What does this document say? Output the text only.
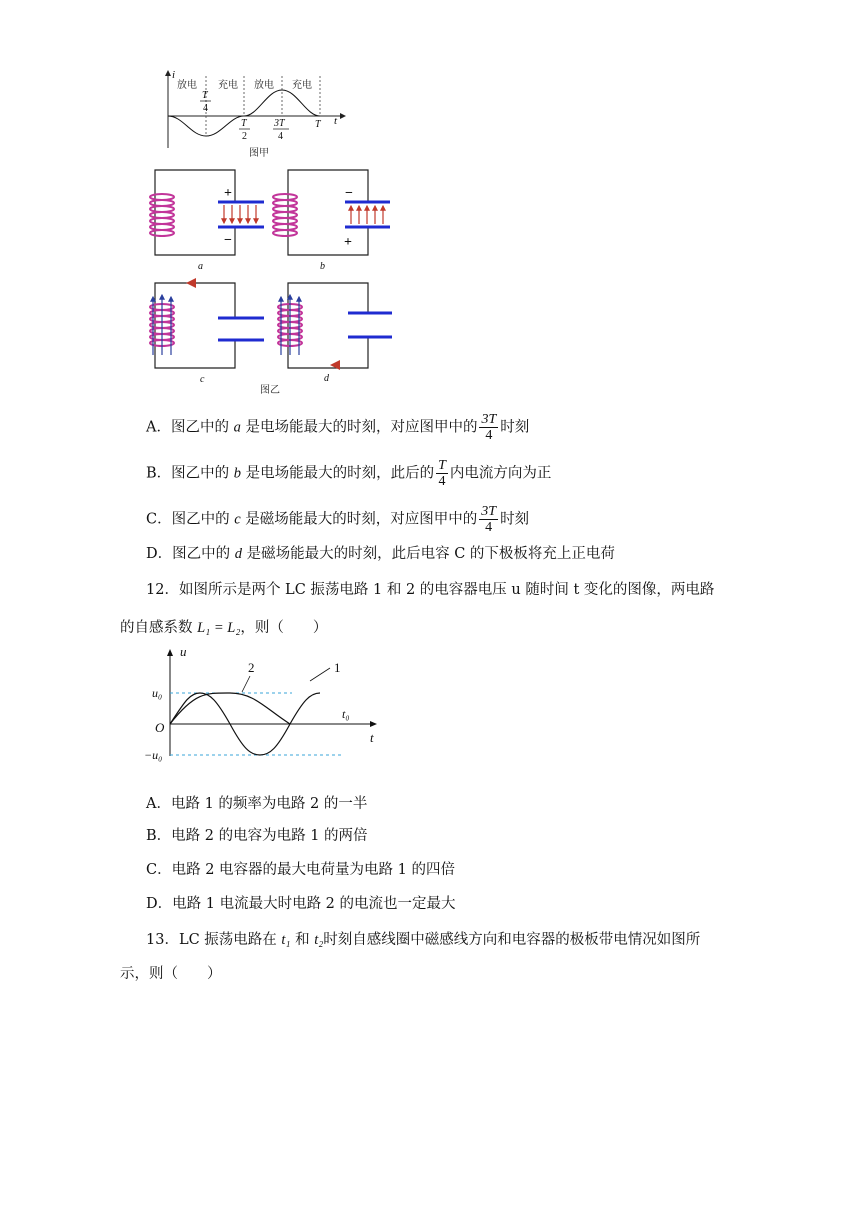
i
t
放电 充电 放电 充电
T
4
T
2
3T
4
T
图甲
+
−
a
−
+
b
c	d
图乙
A．图乙中的 a 是电场能最大的时刻，对应图甲中的 $\frac{3T}{4}$ 时刻
B．图乙中的 b 是电场能最大的时刻，此后的 $\frac{T}{4}$ 内电流方向为正
C．图乙中的 c 是磁场能最大的时刻，对应图甲中的 $\frac{3T}{4}$ 时刻
D．图乙中的 d 是磁场能最大的时刻，此后电容 C 的下极板将充上正电荷
12．如图所示是两个 LC 振荡电路 1 和 2 的电容器电压 u 随时间 t 变化的图像，两电路
的自感系数 L₁ = L₂，则（　　）
u
t
O
u₀
−u₀
t₀
1
2
A．电路 1 的频率为电路 2 的一半
B．电路 2 的电容为电路 1 的两倍
C．电路 2 电容器的最大电荷量为电路 1 的四倍
D．电路 1 电流最大时电路 2 的电流也一定最大
13．LC 振荡电路在 t₁ 和 t₂时刻自感线圈中磁感线方向和电容器的极板带电情况如图所
示，则（　　）
